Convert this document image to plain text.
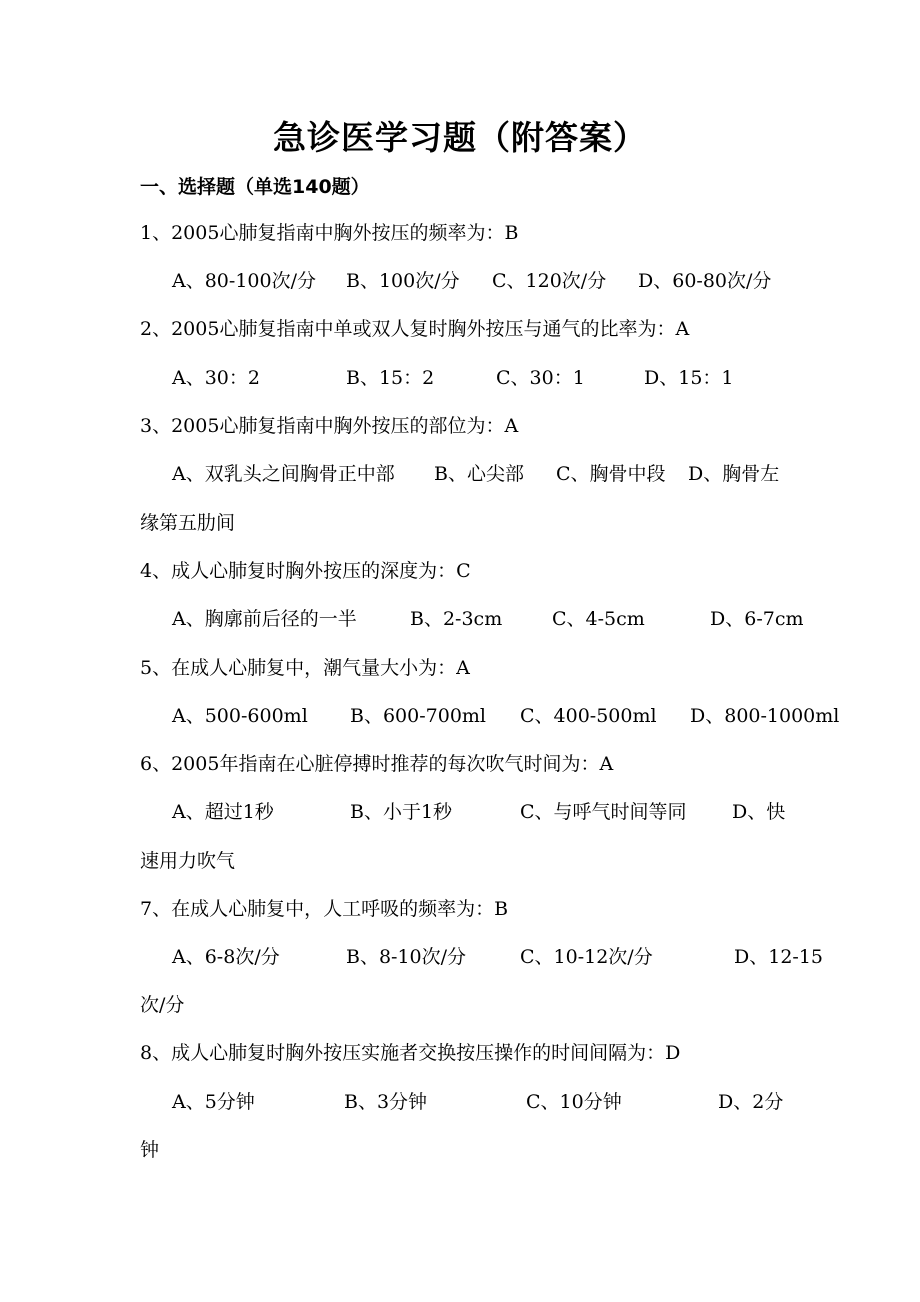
急诊医学习题（附答案）
一、选择题（单选140题）
1、2005心肺复指南中胸外按压的频率为：B
A、80-100次/分 B、100次/分 C、120次/分 D、60-80次/分
2、2005心肺复指南中单或双人复时胸外按压与通气的比率为：A
A、30：2	B、15：2	C、30：1	D、15：1
3、2005心肺复指南中胸外按压的部位为：A
A、双乳头之间胸骨正中部 B、心尖部 C、胸骨中段 D、胸骨左
缘第五肋间
4、成人心肺复时胸外按压的深度为：C
A、胸廓前后径的一半	B、2-3cm	C、4-5cm	D、6-7cm
5、在成人心肺复中，潮气量大小为：A
A、500-600ml B、600-700ml C、400-500ml D、800-1000ml
6、2005年指南在心脏停搏时推荐的每次吹气时间为：A
A、超过1秒	B、小于1秒	C、与呼气时间等同 D、快
速用力吹气
7、在成人心肺复中，人工呼吸的频率为：B
A、6-8次/分	B、8-10次/分	C、10-12次/分	D、12-15
次/分
8、成人心肺复时胸外按压实施者交换按压操作的时间间隔为：D
A、5分钟	B、3分钟	C、10分钟	D、2分
钟
